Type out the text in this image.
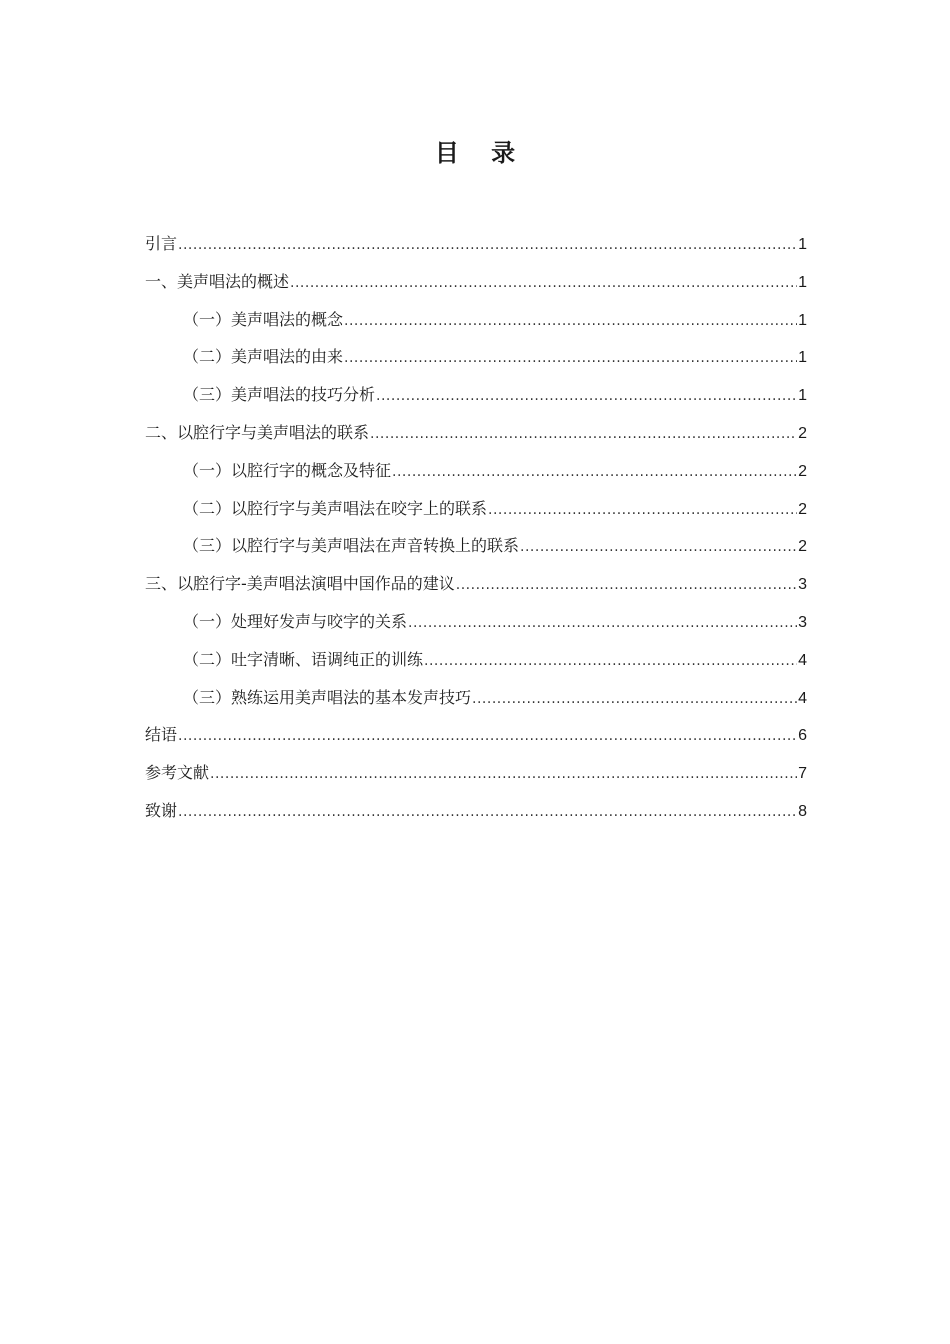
目 录
引言 .....	1
一、美声唱法的概述 .....	1
（一）美声唱法的概念 .....	1
（二）美声唱法的由来 .....	1
（三）美声唱法的技巧分析 .....	1
二、以腔行字与美声唱法的联系 .....	2
（一）以腔行字的概念及特征 .....	2
（二）以腔行字与美声唱法在咬字上的联系 .....	2
（三）以腔行字与美声唱法在声音转换上的联系 .....	2
三、以腔行字-美声唱法演唱中国作品的建议 .....	3
（一）处理好发声与咬字的关系 .....	3
（二）吐字清晰、语调纯正的训练 .....	4
（三）熟练运用美声唱法的基本发声技巧 .....	4
结语 .....	6
参考文献 .....	7
致谢 .....	8
